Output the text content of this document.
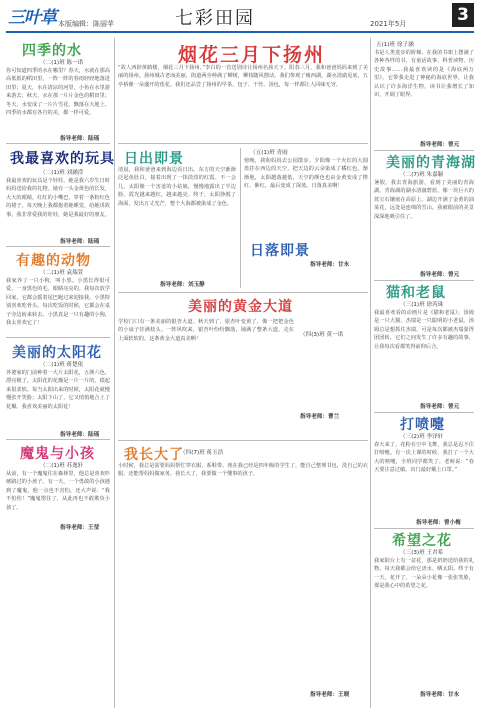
三叶草 本版编辑：陈丽苹	七彩田园	2021年5月	3
四季的水
（二(1)班 陈一诺
你可知道四季的水在哪里？春天，水就在那高高低低的稻田里，一阵一阵的春雨轻轻地落进田里；夏天，水在清凉的河里，小鱼在水里游来游去；秋天，水在那一片片金色的稻田里；冬天，水变成了一片片雪花，飘落在大地上。四季的水都有各自的美，都一样可爱。
指导老师：陆瑶
我最喜欢的玩具
（二(1)班 刘涵滢
我最喜欢的玩具是个娃娃。她是我六岁生日时妈妈送给我的礼物。她有一头金黄色的长发，大大的眼睛，红红的小嘴巴，穿着一条粉红色的裙子。每天晚上我都抱着她睡觉，给她讲故事。我非常爱我的娃娃，她是我最好的朋友。
指导老师：陆瑶
有趣的动物
（二(1)班 袁瑞萱
我家养了一只小狗，叫小黑。小黑长得很可爱，一身黑色的毛，眼睛亮亮的。我每次放学回家，它都会摇着尾巴跑过来迎接我。小黑特别喜欢吃骨头，每次吃饭的时候，它都会在桌子旁边转来转去。小黑真是一只有趣的小狗，我太喜欢它了！
美丽的太阳花
（二(1)班 蒋楚依
外婆家的门前种着一大片太阳花，五颜六色，漂亮极了。太阳花的花瓣是一片一片的，摸起来很柔软。每当太阳出来的时候，太阳花就慢慢张开笑脸；太阳下山了，它又悄悄地合上了花瓣。我喜欢美丽的太阳花！
指导老师：陆瑶
魔鬼与小孩
（二(1)班 苏逸轩
从前，有一个魔鬼住在森林里，他总是喜欢吓唬路过的小孩子。有一天，一个勇敢的小孩遇到了魔鬼，他一点也不害怕，还大声说：“我不怕你！”魔鬼愣住了，从此再也不敢欺负小孩了。
指导老师：王莹
烟花三月下扬州
“故人西辞黄鹤楼，烟花三月下扬州。”李白的一首送别诗让扬州名扬天下。阳春三月，我和爸爸妈妈来到了美丽的扬州。扬州城古老而美丽，街道两旁种满了柳树，柳枝随风摆动。我们参观了瘦西湖，湖水清澈见底，五亭桥像一朵盛开的莲花。我们还品尝了扬州的早茶，包子、干丝、汤包，每一样都让人回味无穷。
日出即景
清晨，我和爸爸来到海边看日出。东方的天空渐渐泛起鱼肚白，接着出现了一抹淡淡的红霞。不一会儿，太阳像一个害羞的小姑娘，慢慢地露出了半边脸。霞光越来越红，越来越亮。终于，太阳挣脱了海面，发出万丈光芒，整个大海都被染成了金色。
指导老师：刘玉静
日落即景
（五(1)班 青雨
傍晚，我和妈妈去公园散步。夕阳像一个火红的大圆盘挂在西边的天空，把天边的云朵染成了橘红色。渐渐地，太阳越落越低，天空的颜色也由金黄变成了橙红、紫红，最后变成了深蓝。日落真美啊！
指导老师：甘永
美丽的黄金大道
（四(3)班 黄一诺
学校门口有一条美丽的银杏大道。秋天到了，银杏叶变黄了，像一把把金色的小扇子挂满枝头。一阵风吹来，银杏叶纷纷飘落，铺满了整条大道，走在上面软软的。这条黄金大道真美啊！
指导老师：曹兰
我长大了
（四(7)班 蒋玉浩
小时候，我总是需要妈妈帮忙穿衣服、系鞋带。现在我已经是四年级的学生了，能自己整理书包，洗自己的衣服，还能帮妈妈做家务。我长大了，我要做一个懂事的孩子。
指导老师：王晓
五(1)班 徐子涵
书是人类进步的阶梯。在我的书架上摆满了各种各样的书，有童话故事、科普读物、历史故事……我最喜欢读的是《海底两万里》，它带我走进了神秘的海底世界，让我认识了许多海洋生物。读书让我增长了知识，开阔了眼界。
指导老师：曾元
美丽的青海湖
（二(7)班 朱嘉颖
暑假，我去青海旅游，看到了美丽的青海湖。青海湖的湖水清澈碧蓝，像一块巨大的蓝宝石镶嵌在高原上。湖边开满了金黄的油菜花，远处是连绵的雪山。我被眼前的美景深深地吸引住了。
指导老师：曾元
猫和老鼠
（三(1)班 徐芮珠
我最喜欢看的动画片是《猫和老鼠》。汤姆是一只大猫，杰瑞是一只聪明的小老鼠。汤姆总是想抓住杰瑞，可是每次都被杰瑞耍得团团转。它们之间发生了许多有趣的故事，让我每次看都笑得前仰后合。
指导老师：曾元
打喷嚏
（三(2)班 李泽轩
春天来了，花粉在空中飞舞，我总是忍不住打喷嚏。有一次上课的时候，我打了一个大大的喷嚏，全班同学都笑了。老师说：“春天要注意过敏，出门最好戴上口罩。”
指导老师：曾小梅
希望之花
（三(3)班 王君希
我家阳台上有一盆花，那是奶奶送给我的礼物。每天我都会给它浇水、晒太阳。终于有一天，花开了，一朵朵小花像一张张笑脸，那是我心中的希望之花。
指导老师：甘永
